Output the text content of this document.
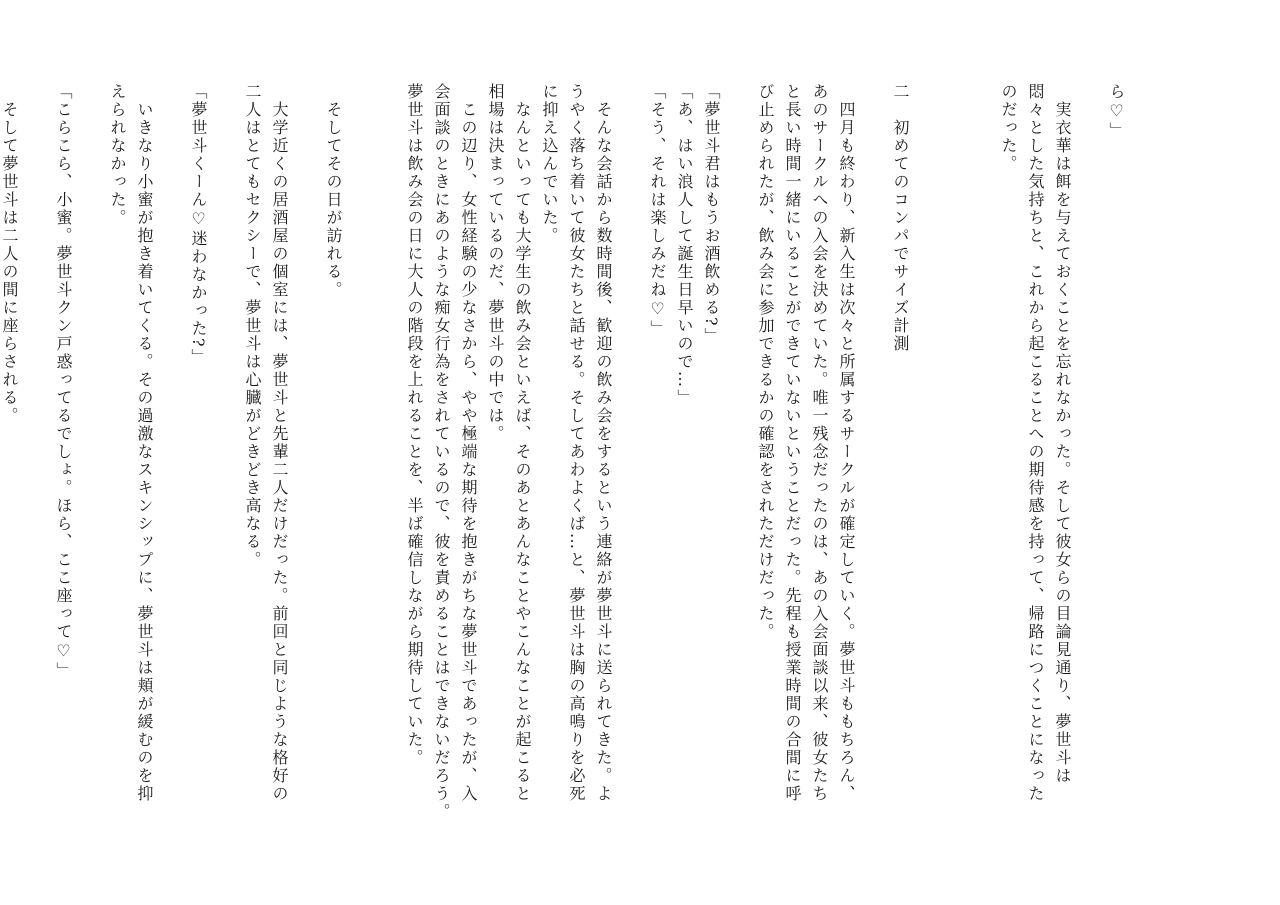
ら♡」
　実衣華は餌を与えておくことを忘れなかった。そして彼女らの目論見通り、夢世斗は
悶々とした気持ちと、これから起こることへの期待感を持って、帰路につくことになった
のだった。
二　初めてのコンパでサイズ計測
　四月も終わり、新入生は次々と所属するサークルが確定していく。夢世斗ももちろん、
あのサークルへの入会を決めていた。唯一残念だったのは、あの入会面談以来、彼女たち
と長い時間一緒にいることができていないということだった。先程も授業時間の合間に呼
び止められたが、飲み会に参加できるかの確認をされただけだった。
「夢世斗君はもうお酒飲める?」
「あ、はい浪人して誕生日早いので…」
「そう、それは楽しみだね♡」
　そんな会話から数時間後、歓迎の飲み会をするという連絡が夢世斗に送られてきた。よ
うやく落ち着いて彼女たちと話せる。そしてあわよくば…と、夢世斗は胸の高鳴りを必死
に抑え込んでいた。
　なんといっても大学生の飲み会といえば、そのあとあんなことやこんなことが起こると
相場は決まっているのだ、夢世斗の中では。
　この辺り、女性経験の少なさから、やや極端な期待を抱きがちな夢世斗であったが、入
会面談のときにあのような痴女行為をされているので、彼を責めることはできないだろう。
夢世斗は飲み会の日に大人の階段を上れることを、半ば確信しながら期待していた。
　そしてその日が訪れる。
　大学近くの居酒屋の個室には、夢世斗と先輩二人だけだった。前回と同じような格好の
二人はとてもセクシーで、夢世斗は心臓がどきどき高なる。
「夢世斗くーん♡迷わなかった?」
　いきなり小蜜が抱き着いてくる。その過激なスキンシップに、夢世斗は頬が緩むのを抑
えられなかった。
「こらこら、小蜜。夢世斗クン戸惑ってるでしょ。ほら、ここ座って♡」
　そして夢世斗は二人の間に座らされる。
